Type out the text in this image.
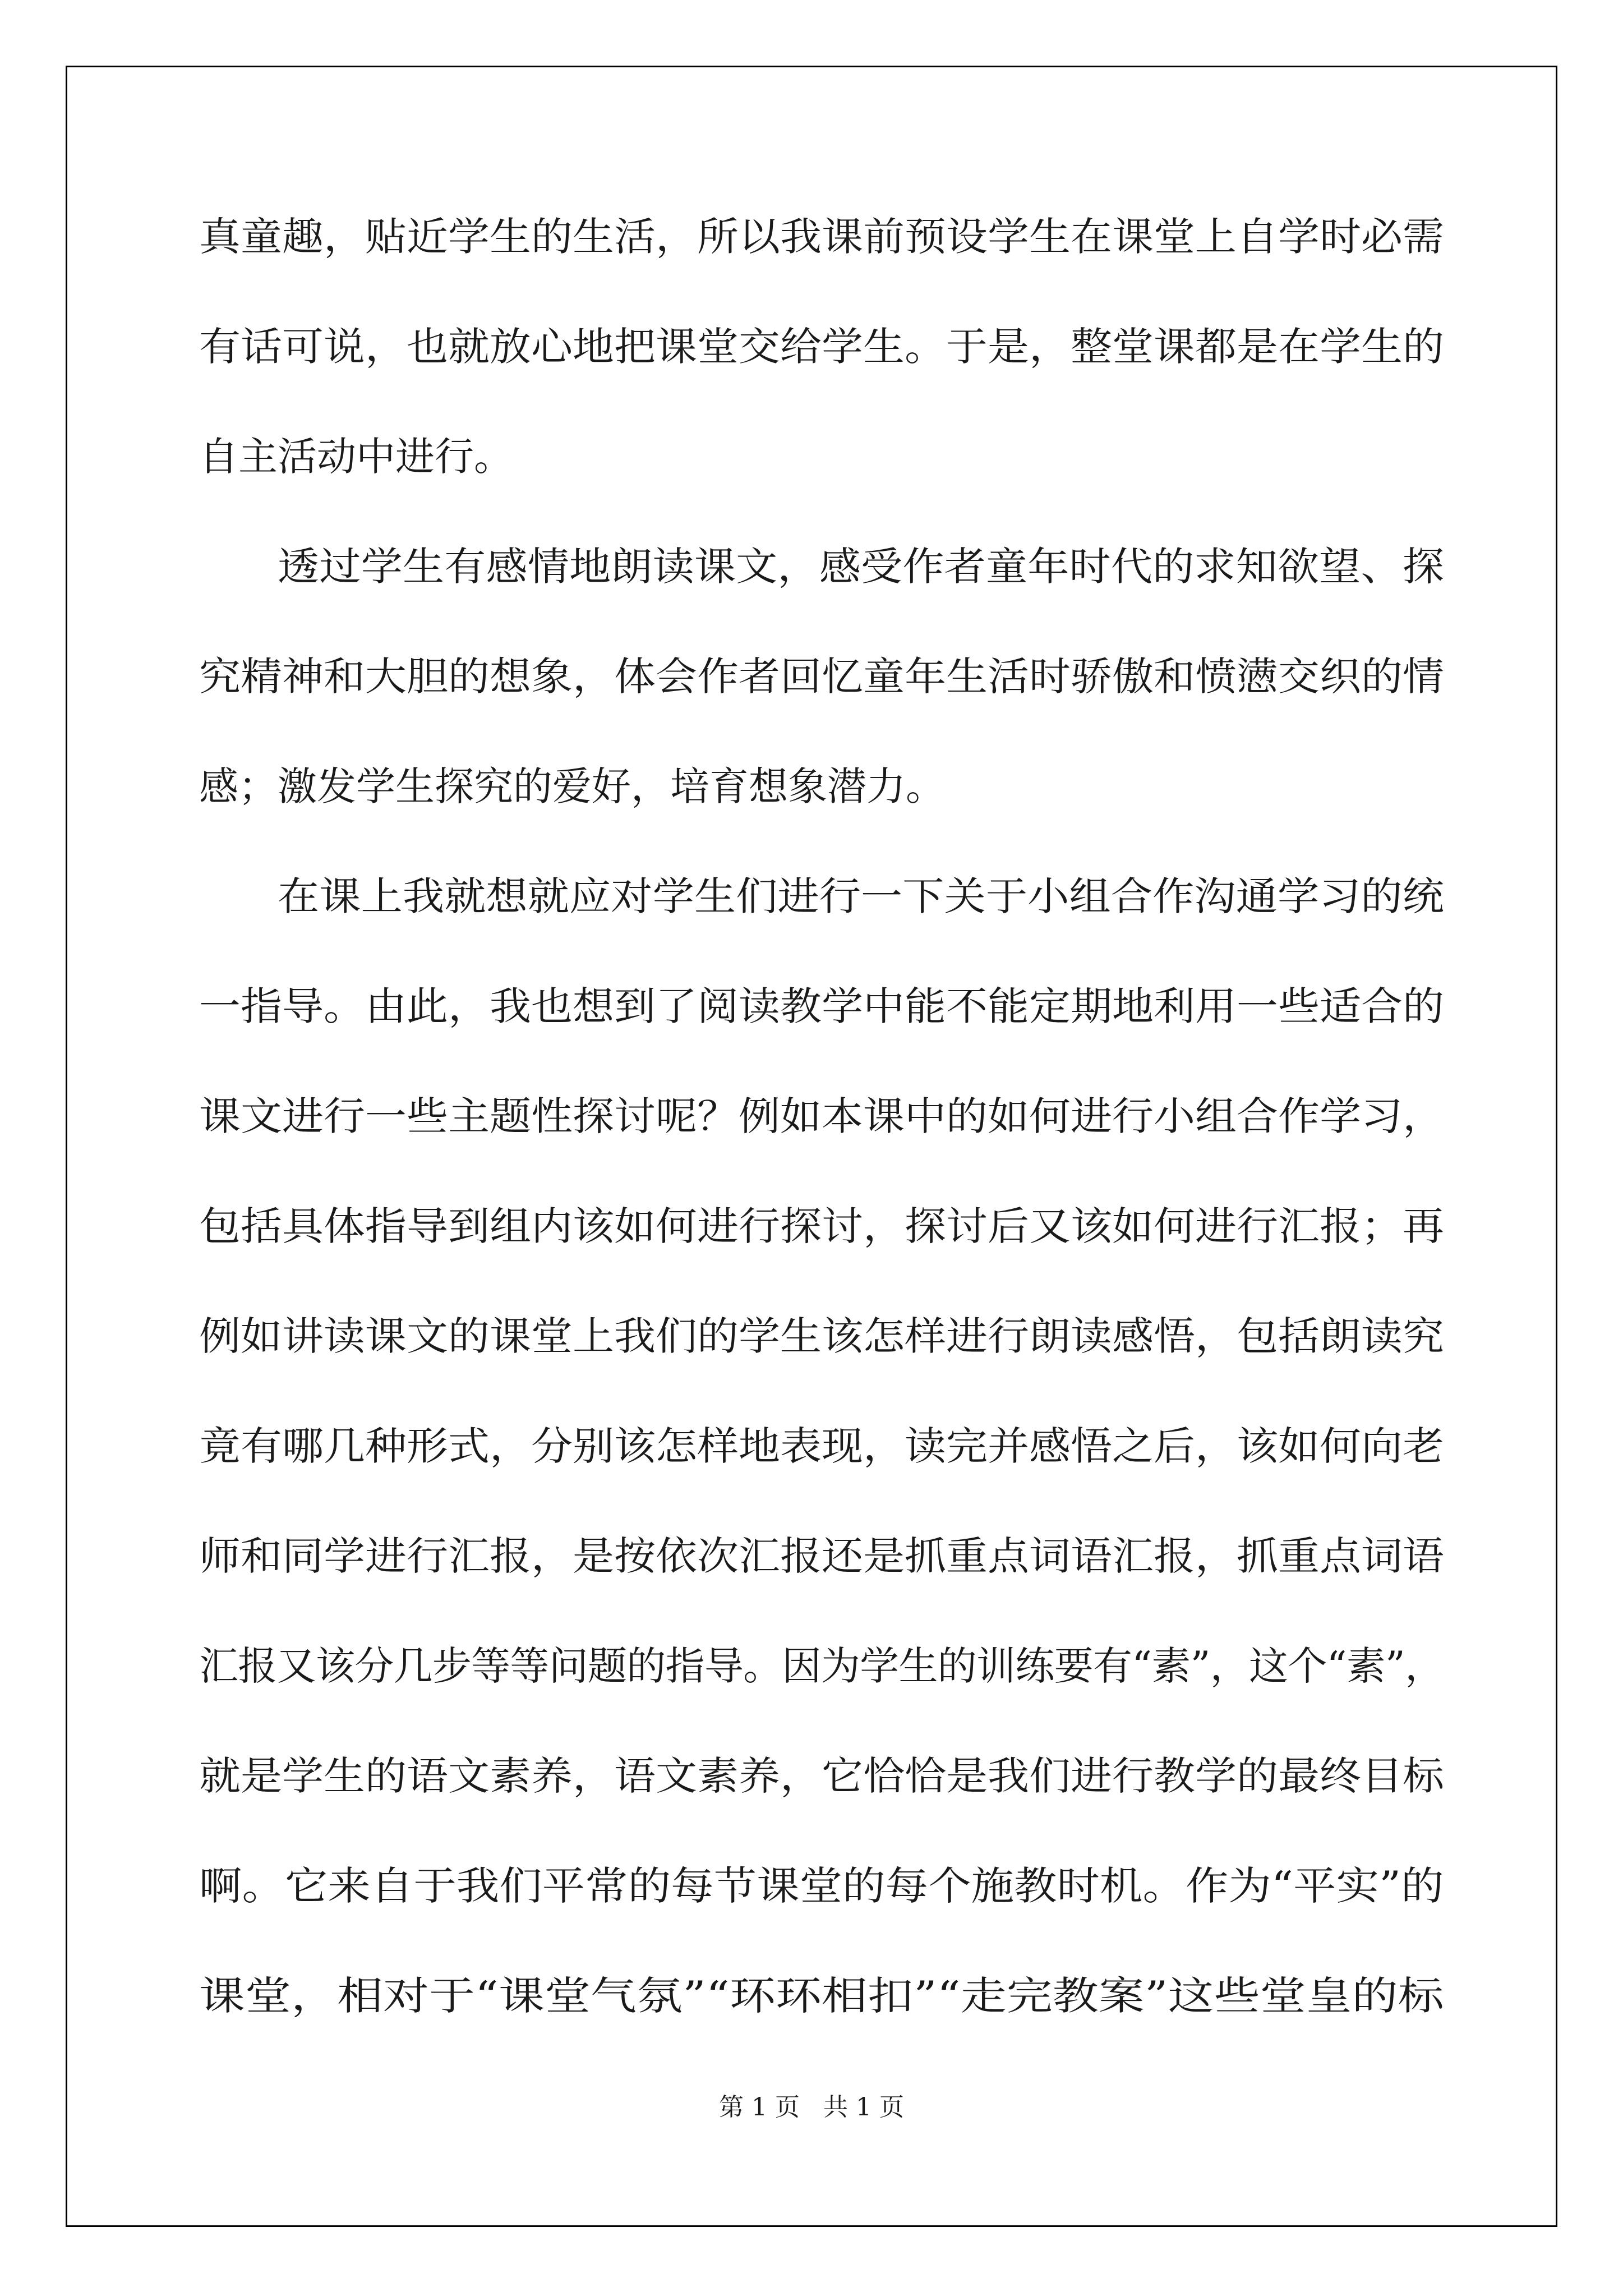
真童趣，贴近学生的生活，所以我课前预设学生在课堂上自学时必需
有话可说，也就放心地把课堂交给学生。于是，整堂课都是在学生的
自主活动中进行。
透过学生有感情地朗读课文，感受作者童年时代的求知欲望、探
究精神和大胆的想象，体会作者回忆童年生活时骄傲和愤懑交织的情
感；激发学生探究的爱好，培育想象潜力。
在课上我就想就应对学生们进行一下关于小组合作沟通学习的统
一指导。由此，我也想到了阅读教学中能不能定期地利用一些适合的
课文进行一些主题性探讨呢？例如本课中的如何进行小组合作学习，
包括具体指导到组内该如何进行探讨，探讨后又该如何进行汇报；再
例如讲读课文的课堂上我们的学生该怎样进行朗读感悟，包括朗读究
竟有哪几种形式，分别该怎样地表现，读完并感悟之后，该如何向老
师和同学进行汇报，是按依次汇报还是抓重点词语汇报，抓重点词语
汇报又该分几步等等问题的指导。因为学生的训练要有“素”，这个“素”，
就是学生的语文素养，语文素养，它恰恰是我们进行教学的最终目标
啊。它来自于我们平常的每节课堂的每个施教时机。作为“平实”的
课堂，相对于“课堂气氛”“环环相扣”“走完教案”这些堂皇的标
第 1 页   共 1 页
